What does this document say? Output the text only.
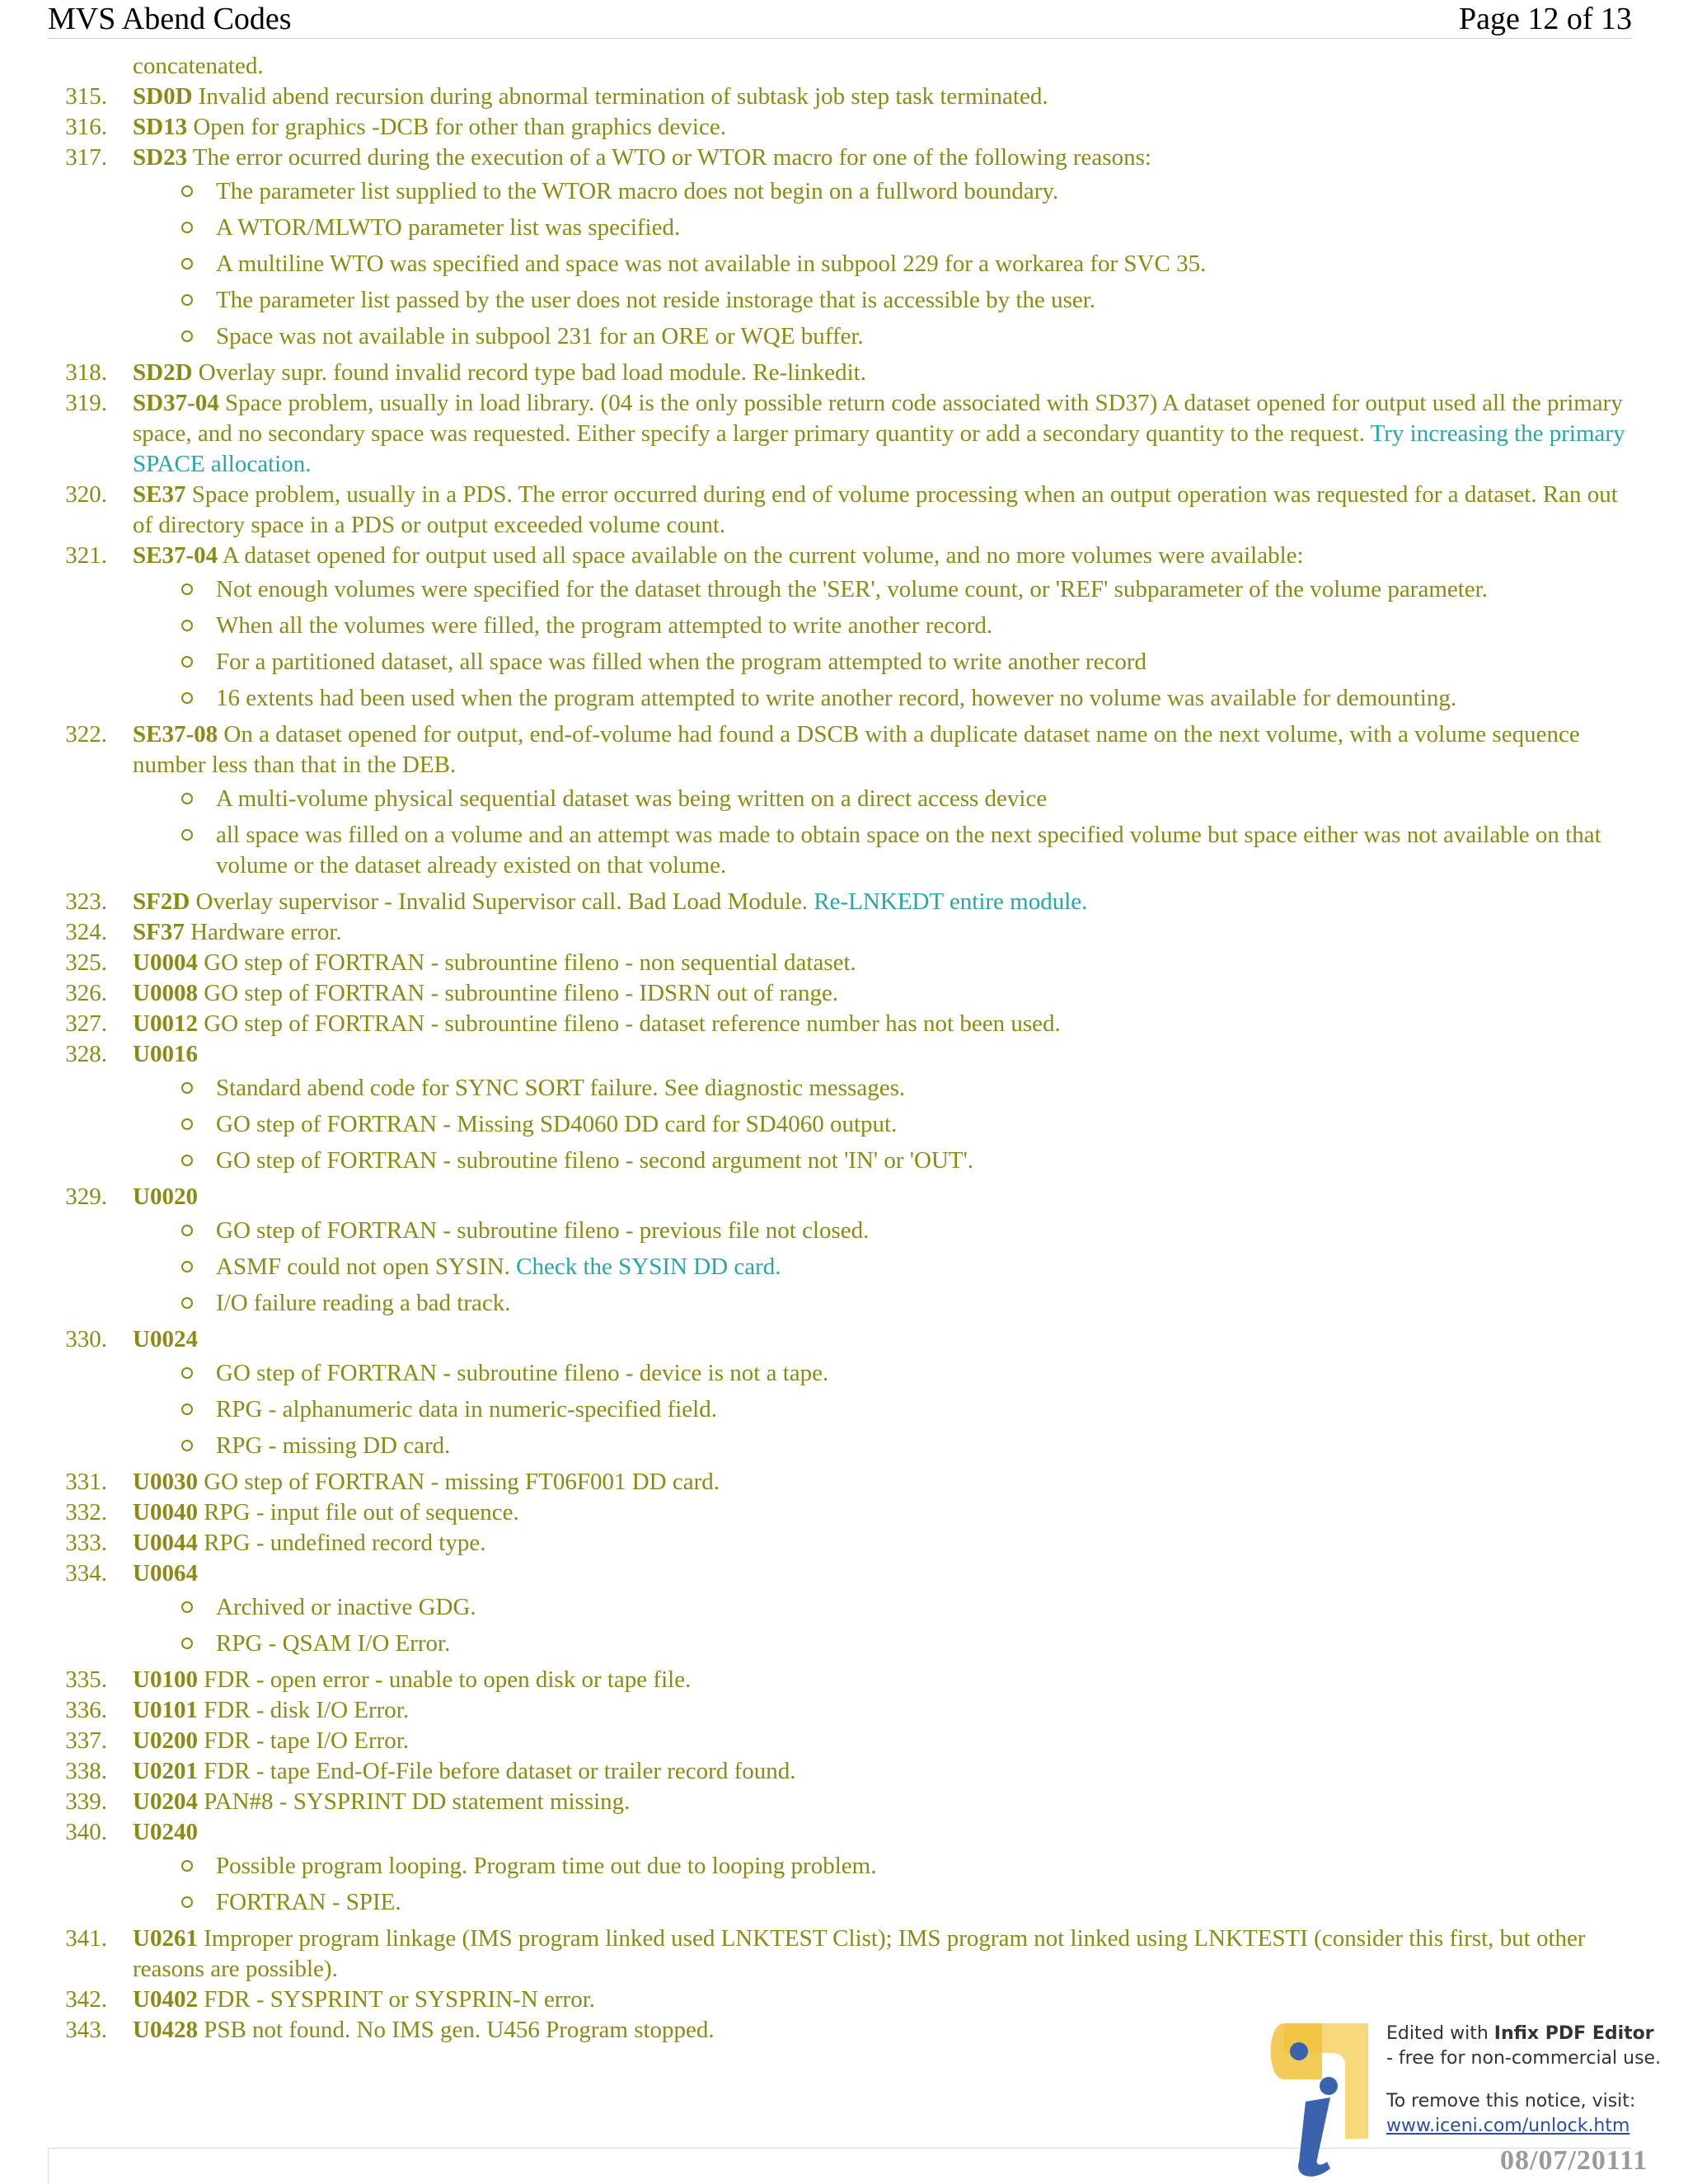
MVS Abend Codes	Page 12 of 13
concatenated.
315. SD0D Invalid abend recursion during abnormal termination of subtask job step task terminated.
316. SD13 Open for graphics -DCB for other than graphics device.
317. SD23 The error ocurred during the execution of a WTO or WTOR macro for one of the following reasons:
The parameter list supplied to the WTOR macro does not begin on a fullword boundary.
A WTOR/MLWTO parameter list was specified.
A multiline WTO was specified and space was not available in subpool 229 for a workarea for SVC 35.
The parameter list passed by the user does not reside instorage that is accessible by the user.
Space was not available in subpool 231 for an ORE or WQE buffer.
318. SD2D Overlay supr. found invalid record type bad load module. Re-linkedit.
319. SD37-04 Space problem, usually in load library. (04 is the only possible return code associated with SD37) A dataset opened for output used all the primary space, and no secondary space was requested. Either specify a larger primary quantity or add a secondary quantity to the request. Try increasing the primary SPACE allocation.
320. SE37 Space problem, usually in a PDS. The error occurred during end of volume processing when an output operation was requested for a dataset. Ran out of directory space in a PDS or output exceeded volume count.
321. SE37-04 A dataset opened for output used all space available on the current volume, and no more volumes were available:
Not enough volumes were specified for the dataset through the 'SER', volume count, or 'REF' subparameter of the volume parameter.
When all the volumes were filled, the program attempted to write another record.
For a partitioned dataset, all space was filled when the program attempted to write another record
16 extents had been used when the program attempted to write another record, however no volume was available for demounting.
322. SE37-08 On a dataset opened for output, end-of-volume had found a DSCB with a duplicate dataset name on the next volume, with a volume sequence number less than that in the DEB.
A multi-volume physical sequential dataset was being written on a direct access device
all space was filled on a volume and an attempt was made to obtain space on the next specified volume but space either was not available on that volume or the dataset already existed on that volume.
323. SF2D Overlay supervisor - Invalid Supervisor call. Bad Load Module. Re-LNKEDT entire module.
324. SF37 Hardware error.
325. U0004 GO step of FORTRAN - subrountine fileno - non sequential dataset.
326. U0008 GO step of FORTRAN - subrountine fileno - IDSRN out of range.
327. U0012 GO step of FORTRAN - subrountine fileno - dataset reference number has not been used.
328. U0016
Standard abend code for SYNC SORT failure. See diagnostic messages.
GO step of FORTRAN - Missing SD4060 DD card for SD4060 output.
GO step of FORTRAN - subroutine fileno - second argument not 'IN' or 'OUT'.
329. U0020
GO step of FORTRAN - subroutine fileno - previous file not closed.
ASMF could not open SYSIN. Check the SYSIN DD card.
I/O failure reading a bad track.
330. U0024
GO step of FORTRAN - subroutine fileno - device is not a tape.
RPG - alphanumeric data in numeric-specified field.
RPG - missing DD card.
331. U0030 GO step of FORTRAN - missing FT06F001 DD card.
332. U0040 RPG - input file out of sequence.
333. U0044 RPG - undefined record type.
334. U0064
Archived or inactive GDG.
RPG - QSAM I/O Error.
335. U0100 FDR - open error - unable to open disk or tape file.
336. U0101 FDR - disk I/O Error.
337. U0200 FDR - tape I/O Error.
338. U0201 FDR - tape End-Of-File before dataset or trailer record found.
339. U0204 PAN#8 - SYSPRINT DD statement missing.
340. U0240
Possible program looping. Program time out due to looping problem.
FORTRAN - SPIE.
341. U0261 Improper program linkage (IMS program linked used LNKTEST Clist); IMS program not linked using LNKTESTI (consider this first, but other reasons are possible).
342. U0402 FDR - SYSPRINT or SYSPRIN-N error.
343. U0428 PSB not found. No IMS gen. U456 Program stopped.	Edited with Infix PDF Editor
- free for non-commercial use.
To remove this notice, visit:
www.iceni.com/unlock.htm
08/07/20111
